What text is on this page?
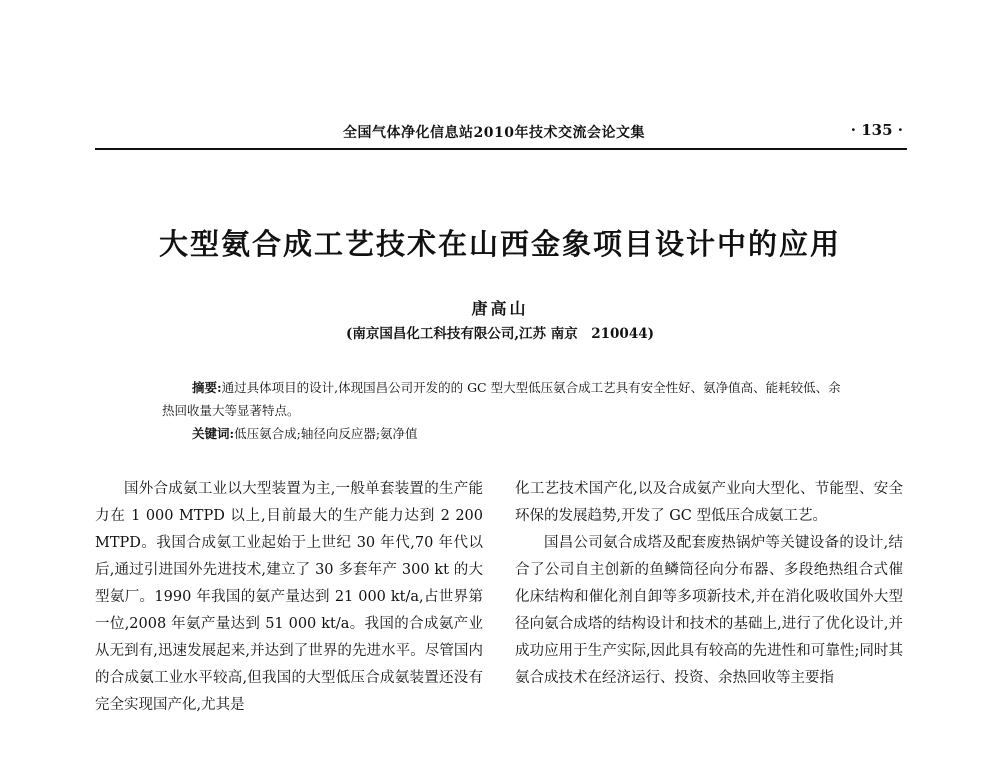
全国气体净化信息站2010年技术交流会论文集	· 135 ·
大型氨合成工艺技术在山西金象项目设计中的应用
唐高山
(南京国昌化工科技有限公司,江苏 南京　210044)

摘要:通过具体项目的设计,体现国昌公司开发的的 GC 型大型低压氨合成工艺具有安全性好、氨净值高、能耗较低、余热回收量大等显著特点。

关键词:低压氨合成;轴径向反应器;氨净值

国外合成氨工业以大型装置为主,一般单套装置的生产能力在 1 000 MTPD 以上,目前最大的生产能力达到 2 200 MTPD。我国合成氨工业起始于上世纪 30 年代,70 年代以后,通过引进国外先进技术,建立了 30 多套年产 300 kt 的大型氨厂。1990 年我国的氨产量达到 21 000 kt/a,占世界第一位,2008 年氨产量达到 51 000 kt/a。我国的合成氨产业从无到有,迅速发展起来,并达到了世界的先进水平。尽管国内的合成氨工业水平较高,但我国的大型低压合成氨装置还没有完全实现国产化,尤其是

化工艺技术国产化,以及合成氨产业向大型化、节能型、安全环保的发展趋势,开发了 GC 型低压合成氨工艺。

国昌公司氨合成塔及配套废热锅炉等关键设备的设计,结合了公司自主创新的鱼鳞筒径向分布器、多段绝热组合式催化床结构和催化剂自卸等多项新技术,并在消化吸收国外大型径向氨合成塔的结构设计和技术的基础上,进行了优化设计,并成功应用于生产实际,因此具有较高的先进性和可靠性;同时其氨合成技术在经济运行、投资、余热回收等主要指
